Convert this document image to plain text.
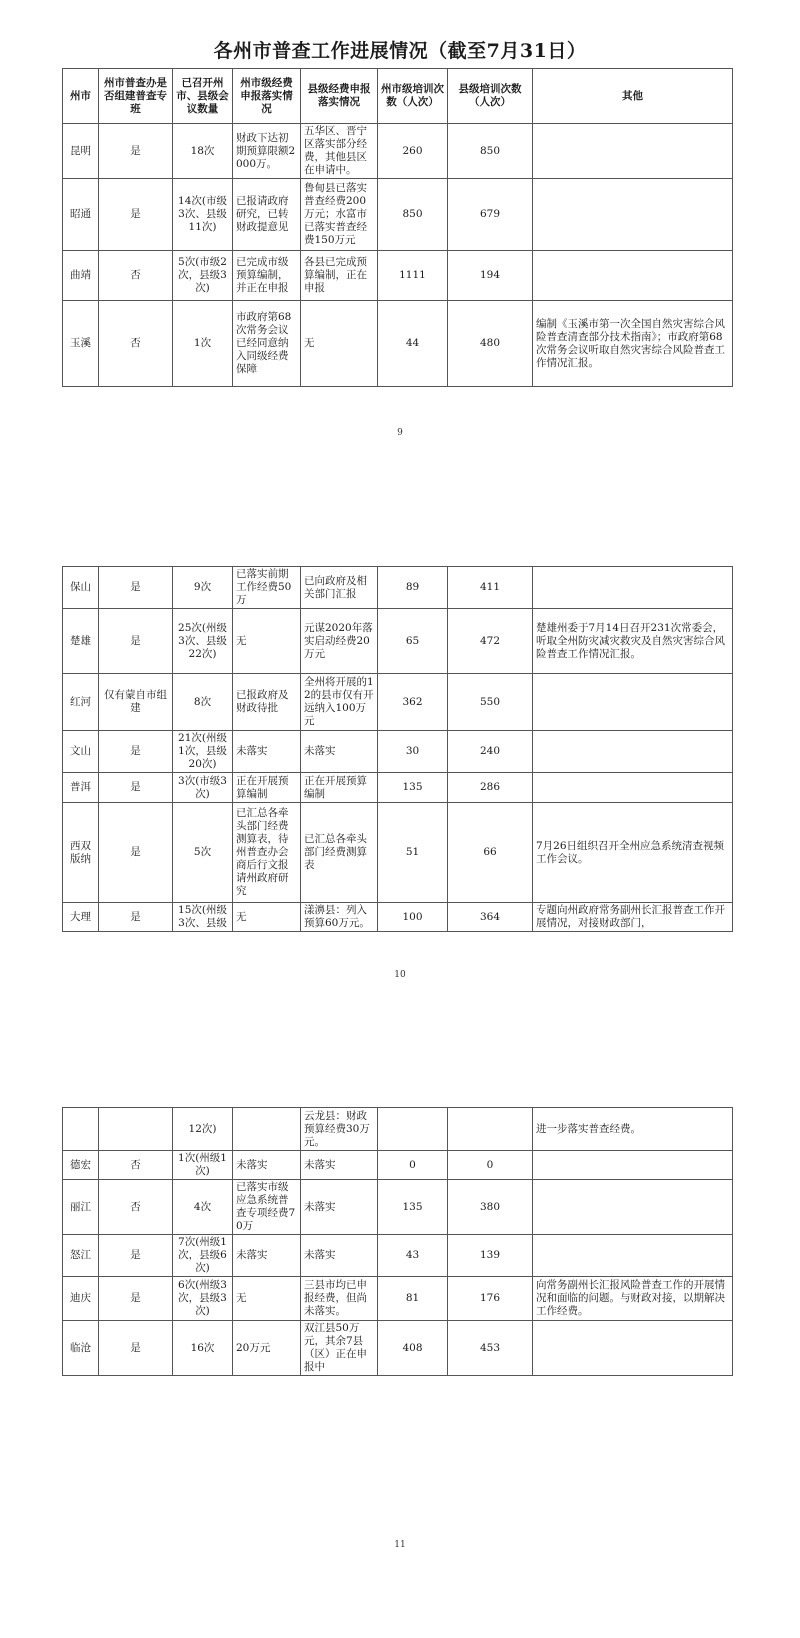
各州市普查工作进展情况（截至7月31日）
州市	州市普查办是否组建普查专班	已召开州市、县级会议数量	州市级经费申报落实情况	县级经费申报落实情况	州市级培训次数（人次）	县级培训次数（人次）	其他
昆明	是	18次	财政下达初期预算限额2000万。	五华区、晋宁区落实部分经费，其他县区在申请中。	260	850	
昭通	是	14次(市级3次、县级11次)	已报请政府研究，已转财政提意见	鲁甸县已落实普查经费200万元；水富市已落实普查经费150万元	850	679	
曲靖	否	5次(市级2次，县级3次)	已完成市级预算编制，并正在申报	各县已完成预算编制，正在申报	1111	194	
玉溪	否	1次	市政府第68次常务会议已经同意纳入同级经费保障	无	44	480	编制《玉溪市第一次全国自然灾害综合风险普查清查部分技术指南》；市政府第68次常务会议听取自然灾害综合风险普查工作情况汇报。
9
保山	是	9次	已落实前期工作经费50万	已向政府及相关部门汇报	89	411	
楚雄	是	25次(州级3次、县级22次)	无	元谋2020年落实启动经费20万元	65	472	楚雄州委于7月14日召开231次常委会，听取全州防灾减灾救灾及自然灾害综合风险普查工作情况汇报。
红河	仅有蒙自市组建	8次	已报政府及财政待批	全州将开展的12的县市仅有开远纳入100万元	362	550	
文山	是	21次(州级1次，县级20次)	未落实	未落实	30	240	
普洱	是	3次(市级3次)	正在开展预算编制	正在开展预算编制	135	286	
西双版纳	是	5次	已汇总各牵头部门经费测算表，待州普查办会商后行文报请州政府研究	已汇总各牵头部门经费测算表	51	66	7月26日组织召开全州应急系统清查视频工作会议。
大理	是	15次(州级3次、县级	无	漾濞县：列入预算60万元。	100	364	专题向州政府常务副州长汇报普查工作开展情况，对接财政部门，
10
		12次)		云龙县：财政预算经费30万元。			进一步落实普查经费。
德宏	否	1次(州级1次)	未落实	未落实	0	0	
丽江	否	4次	已落实市级应急系统普查专项经费70万	未落实	135	380	
怒江	是	7次(州级1次，县级6次)	未落实	未落实	43	139	
迪庆	是	6次(州级3次，县级3次)	无	三县市均已申报经费，但尚未落实。	81	176	向常务副州长汇报风险普查工作的开展情况和面临的问题。与财政对接，以期解决工作经费。
临沧	是	16次	20万元	双江县50万元，其余7县（区）正在申报中	408	453	
11
